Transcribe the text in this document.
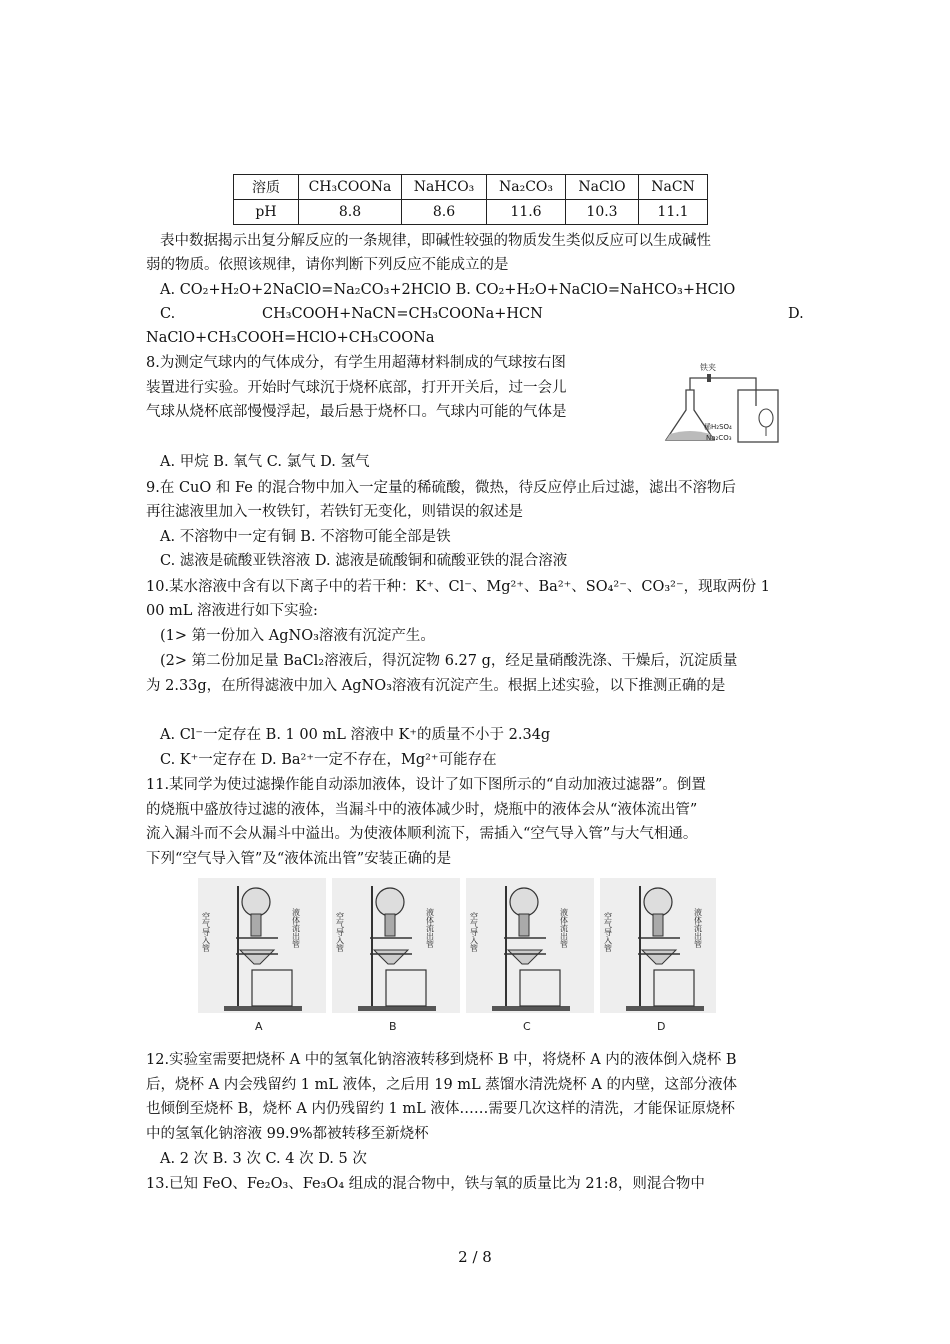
溶质	CH₃COONa	NaHCO₃	Na₂CO₃	NaClO	NaCN
pH	8.8	8.6	11.6	10.3	11.1
表中数据揭示出复分解反应的一条规律，即碱性较强的物质发生类似反应可以生成碱性
弱的物质。依照该规律，请你判断下列反应不能成立的是
A. CO₂+H₂O+2NaClO=Na₂CO₃+2HClO B. CO₂+H₂O+NaClO=NaHCO₃+HClO
C.	CH₃COOH+NaCN=CH₃COONa+HCN	D.
NaClO+CH₃COOH=HClO+CH₃COONa
8.为测定气球内的气体成分，有学生用超薄材料制成的气球按右图
装置进行实验。开始时气球沉于烧杯底部，打开开关后，过一会儿
气球从烧杯底部慢慢浮起，最后悬于烧杯口。气球内可能的气体是
A. 甲烷 B. 氧气 C. 氯气 D. 氢气
铁夹
稀H₂SO₄
Na₂CO₃
9.在 CuO 和 Fe 的混合物中加入一定量的稀硫酸，微热，待反应停止后过滤，滤出不溶物后
再往滤液里加入一枚铁钉，若铁钉无变化，则错误的叙述是
A. 不溶物中一定有铜 B. 不溶物可能全部是铁
C. 滤液是硫酸亚铁溶液 D. 滤液是硫酸铜和硫酸亚铁的混合溶液
10.某水溶液中含有以下离子中的若干种：K⁺、Cl⁻、Mg²⁺、Ba²⁺、SO₄²⁻、CO₃²⁻，现取两份 1
00 mL 溶液进行如下实验:
(1> 第一份加入 AgNO₃溶液有沉淀产生。
(2> 第二份加足量 BaCl₂溶液后，得沉淀物 6.27 g，经足量硝酸洗涤、干燥后，沉淀质量
为 2.33g，在所得滤液中加入 AgNO₃溶液有沉淀产生。根据上述实验，以下推测正确的是
A. Cl⁻一定存在 B. 1 00 mL 溶液中 K⁺的质量不小于 2.34g
C. K⁺一定存在 D. Ba²⁺一定不存在，Mg²⁺可能存在
11.某同学为使过滤操作能自动添加液体，设计了如下图所示的“自动加液过滤器”。倒置
的烧瓶中盛放待过滤的液体，当漏斗中的液体减少时，烧瓶中的液体会从“液体流出管”
流入漏斗而不会从漏斗中溢出。为使液体顺利流下，需插入“空气导入管”与大气相通。
下列“空气导入管”及“液体流出管”安装正确的是
空气导入管	液体流出管
A
空气导入管	液体流出管
B
空气导入管	液体流出管
C
空气导入管	液体流出管
D
12.实验室需要把烧杯 A 中的氢氧化钠溶液转移到烧杯 B 中，将烧杯 A 内的液体倒入烧杯 B
后，烧杯 A 内会残留约 1 mL 液体，之后用 19 mL 蒸馏水清洗烧杯 A 的内壁，这部分液体
也倾倒至烧杯 B，烧杯 A 内仍残留约 1 mL 液体……需要几次这样的清洗，才能保证原烧杯
中的氢氧化钠溶液 99.9%都被转移至新烧杯
A. 2 次 B. 3 次 C. 4 次 D. 5 次
13.已知 FeO、Fe₂O₃、Fe₃O₄ 组成的混合物中，铁与氧的质量比为 21:8，则混合物中
2 / 8
